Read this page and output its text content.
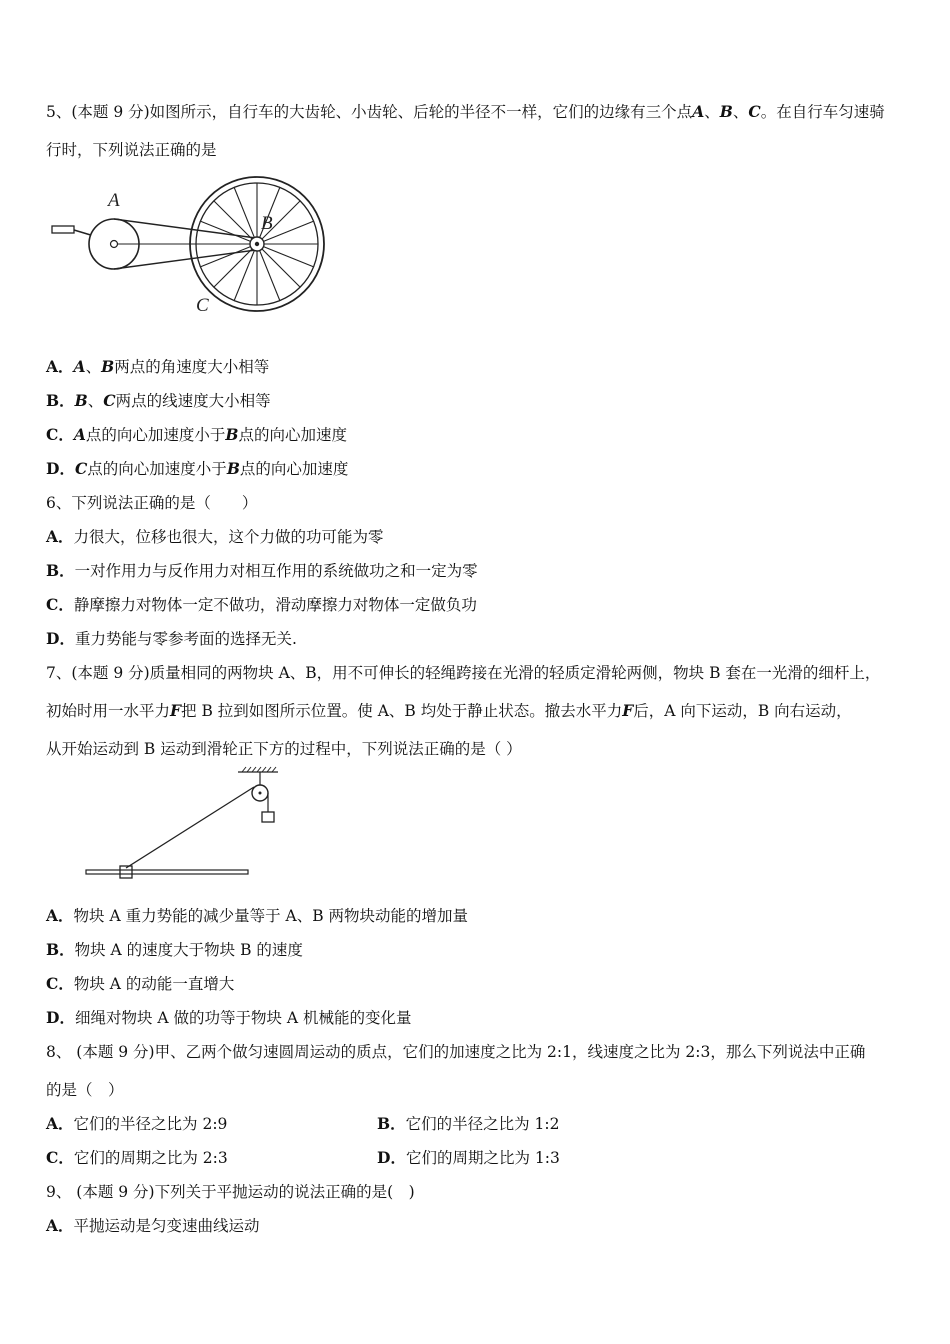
5、(本题 9 分)如图所示，自行车的大齿轮、小齿轮、后轮的半径不一样，它们的边缘有三个点A、B、C。在自行车匀速骑
行时，下列说法正确的是
A
B
C
A．A、B两点的角速度大小相等
B．B、C两点的线速度大小相等
C．A点的向心加速度小于B点的向心加速度
D．C点的向心加速度小于B点的向心加速度
6、下列说法正确的是（　　）
A．力很大，位移也很大，这个力做的功可能为零
B．一对作用力与反作用力对相互作用的系统做功之和一定为零
C．静摩擦力对物体一定不做功，滑动摩擦力对物体一定做负功
D．重力势能与零参考面的选择无关.
7、(本题 9 分)质量相同的两物块 A、B，用不可伸长的轻绳跨接在光滑的轻质定滑轮两侧，物块 B 套在一光滑的细杆上，
初始时用一水平力F把 B 拉到如图所示位置。使 A、B 均处于静止状态。撤去水平力F后，A 向下运动，B 向右运动，
从开始运动到 B 运动到滑轮正下方的过程中，下列说法正确的是（ ）
A．物块 A 重力势能的减少量等于 A、B 两物块动能的增加量
B．物块 A 的速度大于物块 B 的速度
C．物块 A 的动能一直增大
D．细绳对物块 A 做的功等于物块 A 机械能的变化量
8、 (本题 9 分)甲、乙两个做匀速圆周运动的质点，它们的加速度之比为 2:1，线速度之比为 2:3，那么下列说法中正确
的是（　）
A．它们的半径之比为 2:9	B．它们的半径之比为 1:2
C．它们的周期之比为 2:3	D．它们的周期之比为 1:3
9、 (本题 9 分)下列关于平抛运动的说法正确的是(　)
A．平抛运动是匀变速曲线运动
